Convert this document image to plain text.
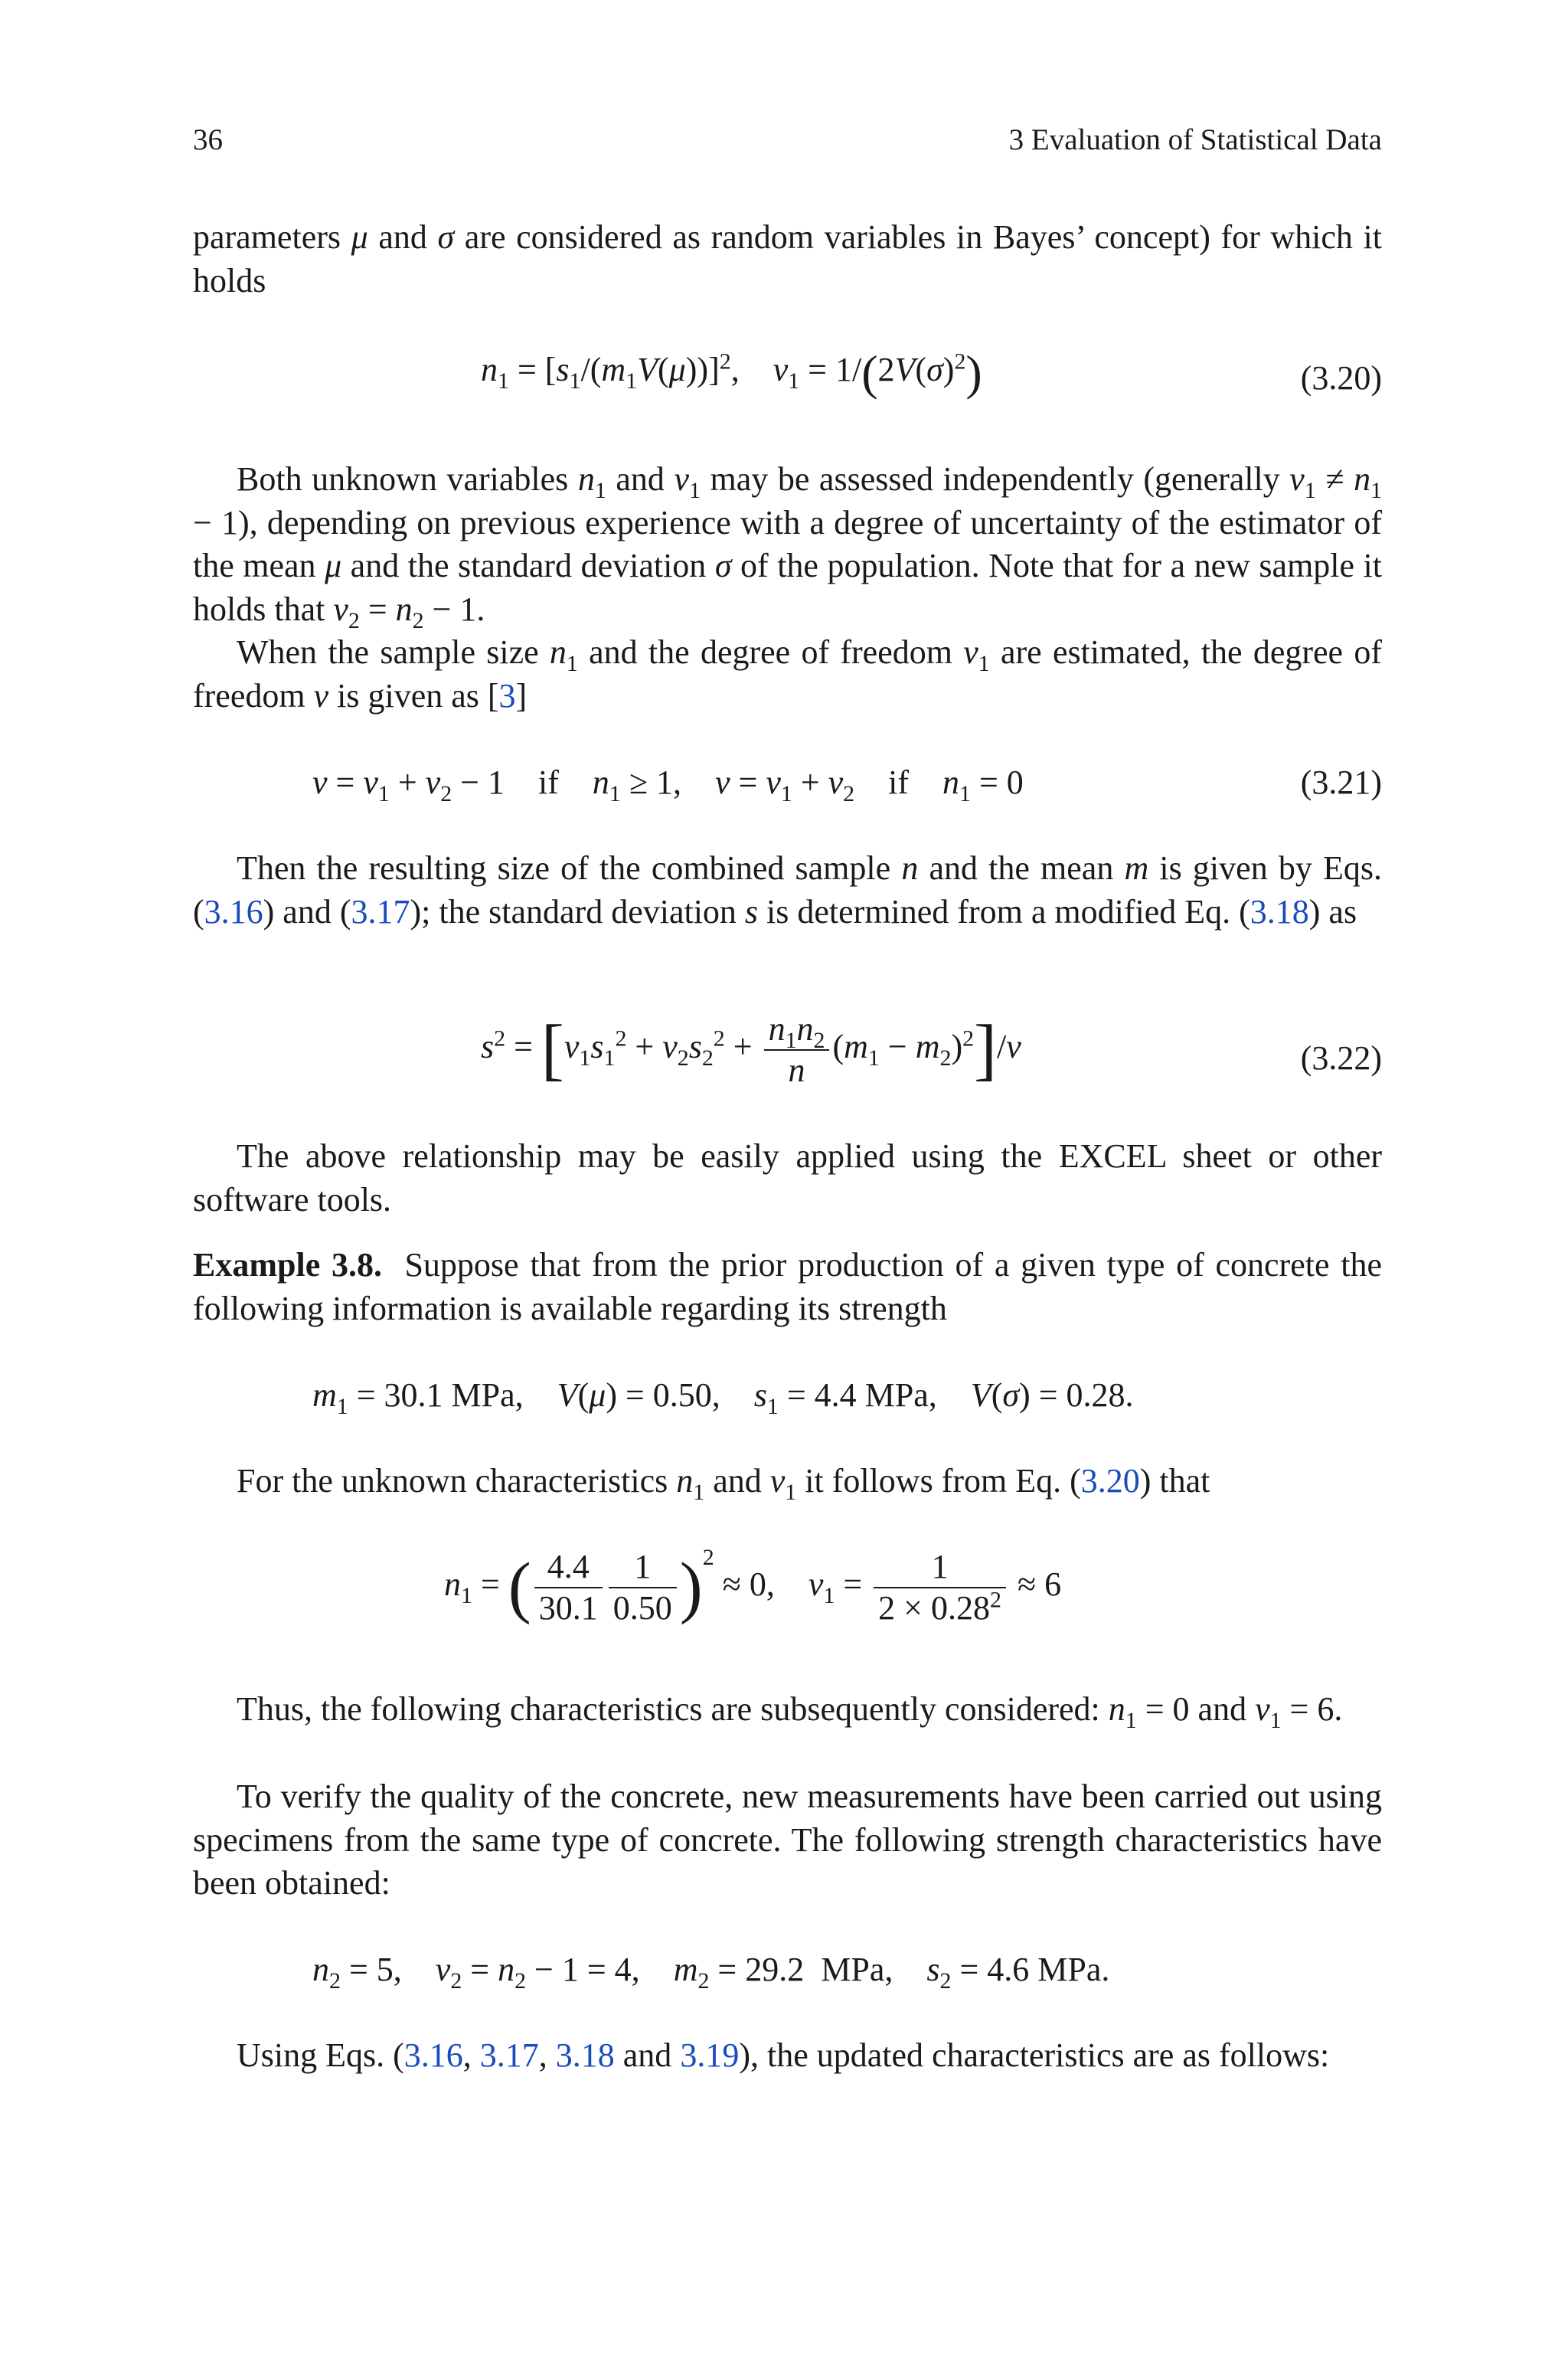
36	3 Evaluation of Statistical Data

parameters μ and σ are considered as random variables in Bayes’ concept) for which it holds

$n_1 = [s_1/(m_1V(\mu))]^2$,    $\nu_1 = 1/(2V(\sigma)^2)$	(3.20)

Both unknown variables $n_1$ and $\nu_1$ may be assessed independently (generally $\nu_1 \ne n_1 - 1$), depending on previous experience with a degree of uncertainty of the estimator of the mean μ and the standard deviation σ of the population. Note that for a new sample it holds that $\nu_2 = n_2 - 1$.

When the sample size $n_1$ and the degree of freedom $\nu_1$ are estimated, the degree of freedom ν is given as [3]

$\nu = \nu_1 + \nu_2 - 1$    if    $n_1 \ge 1$,    $\nu = \nu_1 + \nu_2$    if    $n_1 = 0$	(3.21)

Then the resulting size of the combined sample n and the mean m is given by Eqs. (3.16) and (3.17); the standard deviation s is determined from a modified Eq. (3.18) as

$s^2 = [\nu_1s_1^2 + \nu_2s_2^2 + \frac{n_1n_2}{n} (m_1 - m_2)^2]/\nu$	(3.22)

The above relationship may be easily applied using the EXCEL sheet or other software tools.

Example 3.8.  Suppose that from the prior production of a given type of concrete the following information is available regarding its strength

$m_1 = 30.1$ MPa,    V(μ) = 0.50,    $s_1 = 4.4$ MPa,    V(σ) = 0.28.

For the unknown characteristics $n_1$ and $\nu_1$ it follows from Eq. (3.20) that

$n_1$ = ( $\frac{4.4}{30.1} \frac{1}{0.50} )^2 \approx 0$, $\nu_1 = \frac{1}{2 \times 0.28^2} \approx 6$

Thus, the following characteristics are subsequently considered: $n_1 = 0$ and $\nu_1 = 6$.

To verify the quality of the concrete, new measurements have been carried out using specimens from the same type of concrete. The following strength characteristics have been obtained:

$n_2 = 5$,    $\nu_2 = n_2 - 1 = 4$,    $m_2 = 29.2$  MPa,    $s_2 = 4.6$ MPa.

Using Eqs. (3.16, 3.17, 3.18 and 3.19), the updated characteristics are as follows:
